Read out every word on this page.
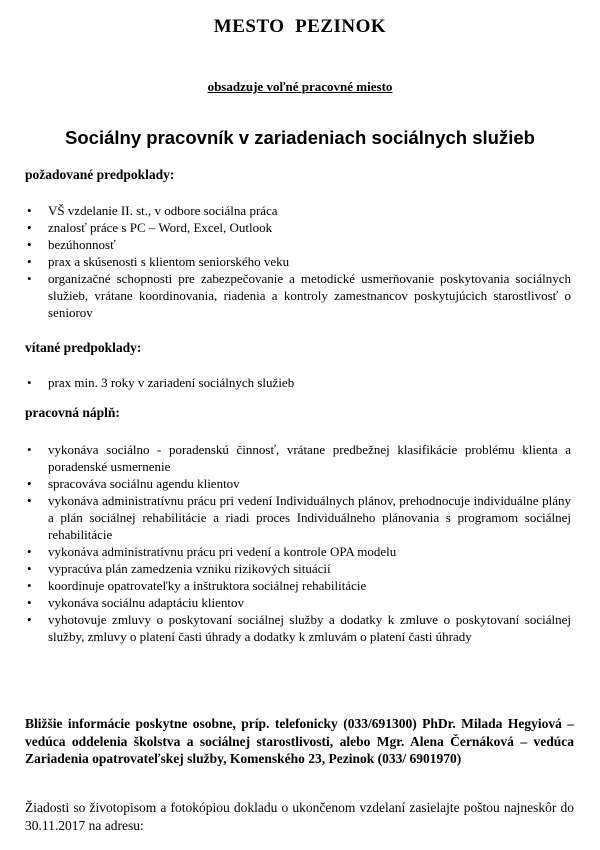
MESTO  PEZINOK
obsadzuje voľné pracovné miesto
Sociálny pracovník v zariadeniach sociálnych služieb
požadované predpoklady:
• VŠ vzdelanie II. st., v odbore sociálna práca
• znalosť práce s PC – Word, Excel, Outlook
• bezúhonnosť
• prax a skúsenosti s klientom seniorského veku
• organizačné schopnosti pre zabezpečovanie a metodické usmerňovanie poskytovania sociálnych služieb, vrátane koordinovania, riadenia a kontroly zamestnancov poskytujúcich starostlivosť o seniorov
vítané predpoklady:
• prax min. 3 roky v zariadení sociálnych služieb
pracovná náplň:
• vykonáva sociálno - poradenskú činnosť, vrátane predbežnej klasifikácie problému klienta a poradenské usmernenie
• spracováva sociálnu agendu klientov
• vykonáva administratívnu prácu pri vedení Individuálnych plánov, prehodnocuje individuálne plány a plán sociálnej rehabilitácie a riadi proces Individuálneho plánovania s programom sociálnej rehabilitácie
• vykonáva administratívnu prácu pri vedení a kontrole OPA modelu
• vypracúva plán zamedzenia vzniku rizikových situácií
• koordinuje opatrovateľky a inštruktora sociálnej rehabilitácie
• vykonáva sociálnu adaptáciu klientov
• vyhotovuje zmluvy o poskytovaní sociálnej služby a dodatky k zmluve o poskytovaní sociálnej služby, zmluvy o platení časti úhrady a dodatky k zmluvám o platení časti úhrady
Bližšie informácie poskytne osobne, príp. telefonicky (033/691300) PhDr. Milada Hegyiová – vedúca oddelenia školstva a sociálnej starostlivosti, alebo Mgr. Alena Černáková – vedúca Zariadenia opatrovateľskej služby, Komenského 23, Pezinok (033/ 6901970)
Žiadosti so životopisom a fotokópiou dokladu o ukončenom vzdelaní zasielajte poštou najneskôr do 30.11.2017 na adresu:
